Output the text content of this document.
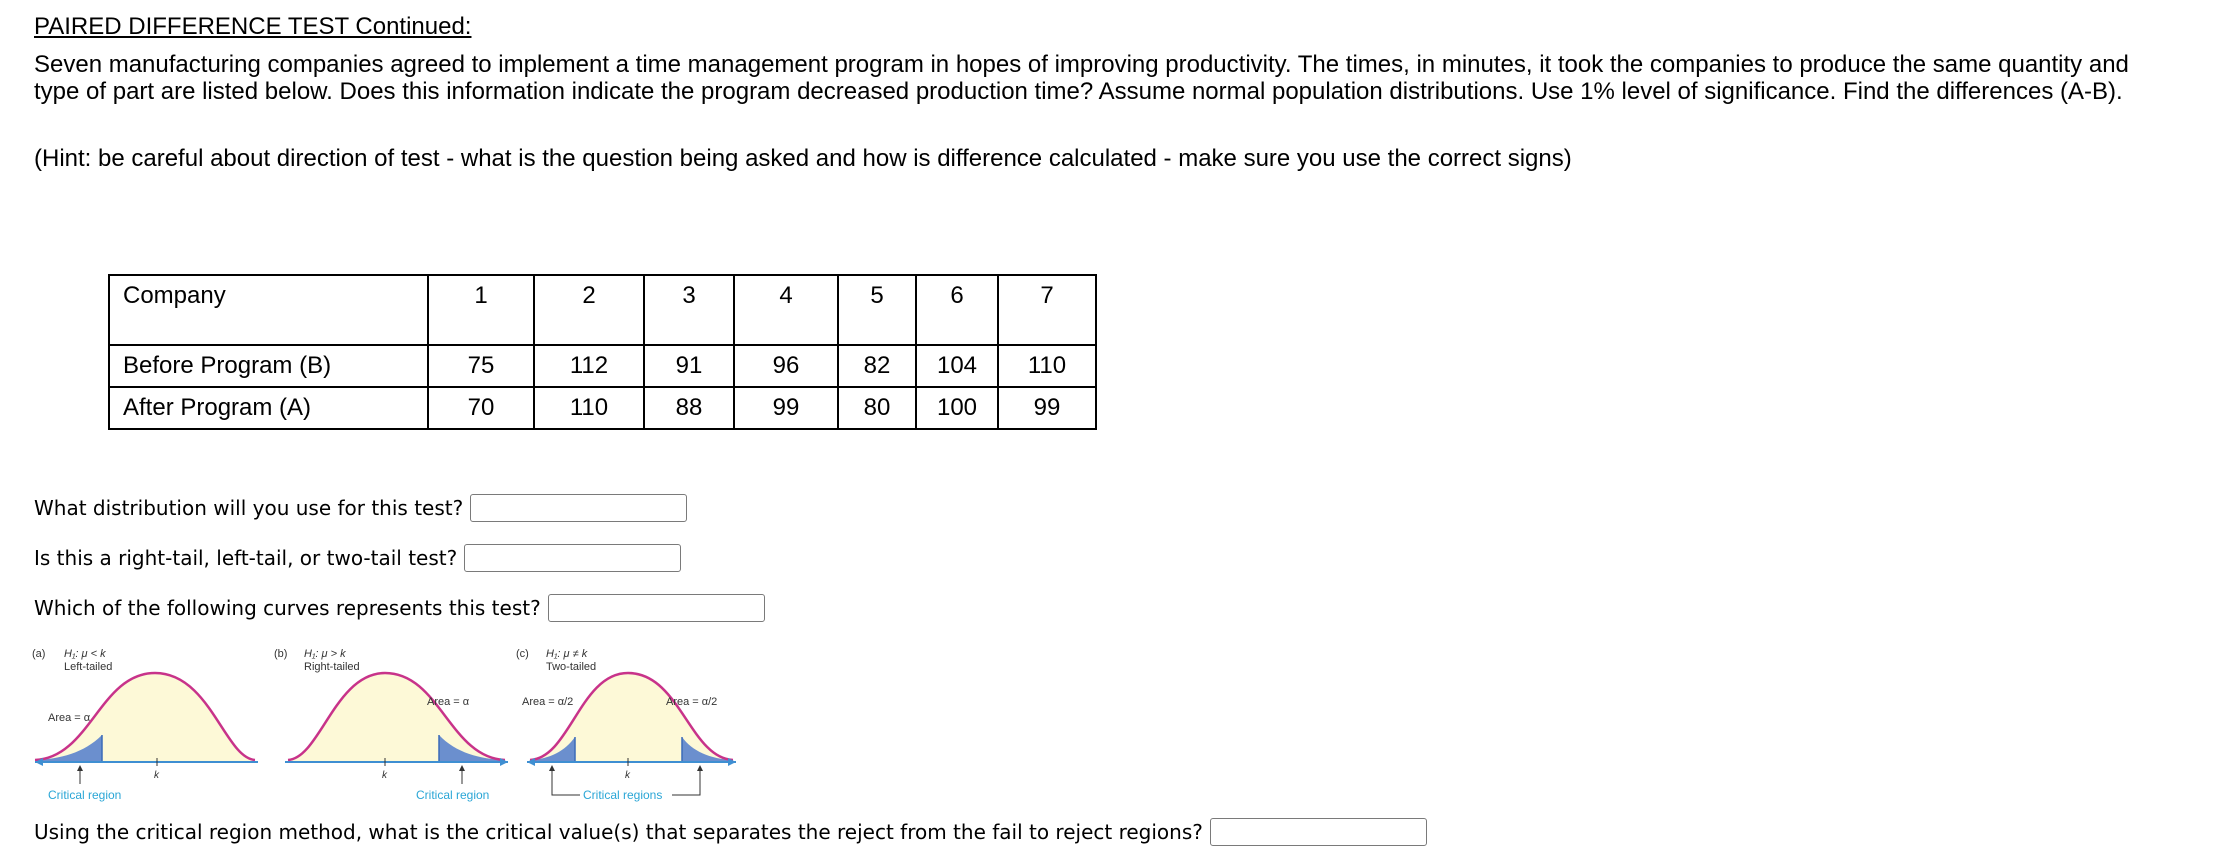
PAIRED DIFFERENCE TEST Continued:
Seven manufacturing companies agreed to implement a time management program in hopes of improving productivity. The times, in minutes, it took the companies to produce the same quantity and type of part are listed below. Does this information indicate the program decreased production time? Assume normal population distributions. Use 1% level of significance. Find the differences (A-B).
(Hint: be careful about direction of test - what is the question being asked and how is difference calculated - make sure you use the correct signs)
Company	1	2	3	4	5	6	7
Before Program (B)	75	112	91	96	82	104	110
After Program (A)	70	110	88	99	80	100	99
What distribution will you use for this test?
Is this a right-tail, left-tail, or two-tail test?
Which of the following curves represents this test?
(a) H₁: μ < k
Left-tailed
k
Area = α
Critical region
(b) H₁: μ > k
Right-tailed
k
Area = α
Critical region
(c) H₁: μ ≠ k
Two-tailed
k
Area = α/2	Area = α/2
Critical regions
Using the critical region method, what is the critical value(s) that separates the reject from the fail to reject regions?
